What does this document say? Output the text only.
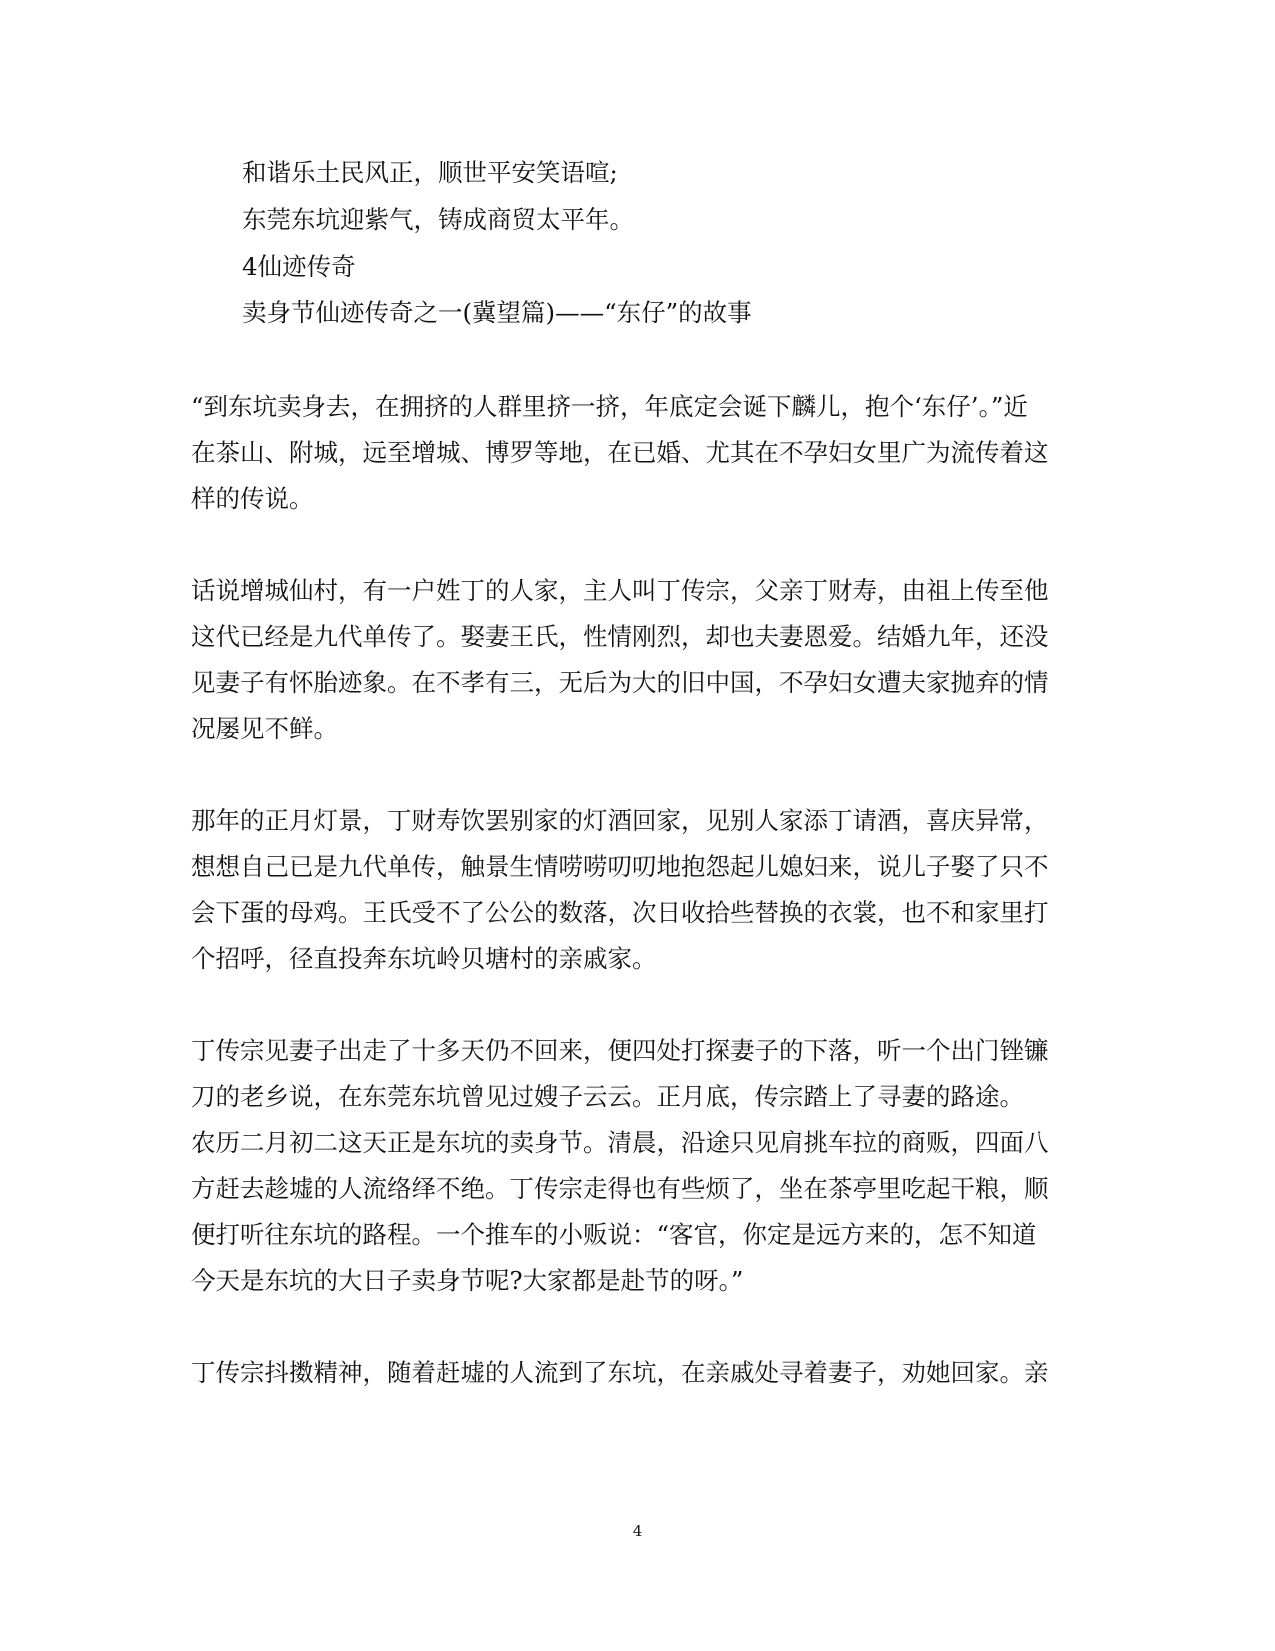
和谐乐土民风正，顺世平安笑语喧;
东莞东坑迎紫气，铸成商贸太平年。
4仙迹传奇
卖身节仙迹传奇之一(冀望篇)——“东仔”的故事
“到东坑卖身去，在拥挤的人群里挤一挤，年底定会诞下麟儿，抱个‘东仔’。”近
在茶山、附城，远至增城、博罗等地，在已婚、尤其在不孕妇女里广为流传着这
样的传说。
话说增城仙村，有一户姓丁的人家，主人叫丁传宗，父亲丁财寿，由祖上传至他
这代已经是九代单传了。娶妻王氏，性情刚烈，却也夫妻恩爱。结婚九年，还没
见妻子有怀胎迹象。在不孝有三，无后为大的旧中国，不孕妇女遭夫家抛弃的情
况屡见不鲜。
那年的正月灯景，丁财寿饮罢别家的灯酒回家，见别人家添丁请酒，喜庆异常，
想想自己已是九代单传，触景生情唠唠叨叨地抱怨起儿媳妇来，说儿子娶了只不
会下蛋的母鸡。王氏受不了公公的数落，次日收拾些替换的衣裳，也不和家里打
个招呼，径直投奔东坑岭贝塘村的亲戚家。
丁传宗见妻子出走了十多天仍不回来，便四处打探妻子的下落，听一个出门锉镰
刀的老乡说，在东莞东坑曾见过嫂子云云。正月底，传宗踏上了寻妻的路途。
农历二月初二这天正是东坑的卖身节。清晨，沿途只见肩挑车拉的商贩，四面八
方赶去趁墟的人流络绎不绝。丁传宗走得也有些烦了，坐在茶亭里吃起干粮，顺
便打听往东坑的路程。一个推车的小贩说：“客官，你定是远方来的，怎不知道
今天是东坑的大日子卖身节呢?大家都是赴节的呀。”
丁传宗抖擞精神，随着赶墟的人流到了东坑，在亲戚处寻着妻子，劝她回家。亲
4
